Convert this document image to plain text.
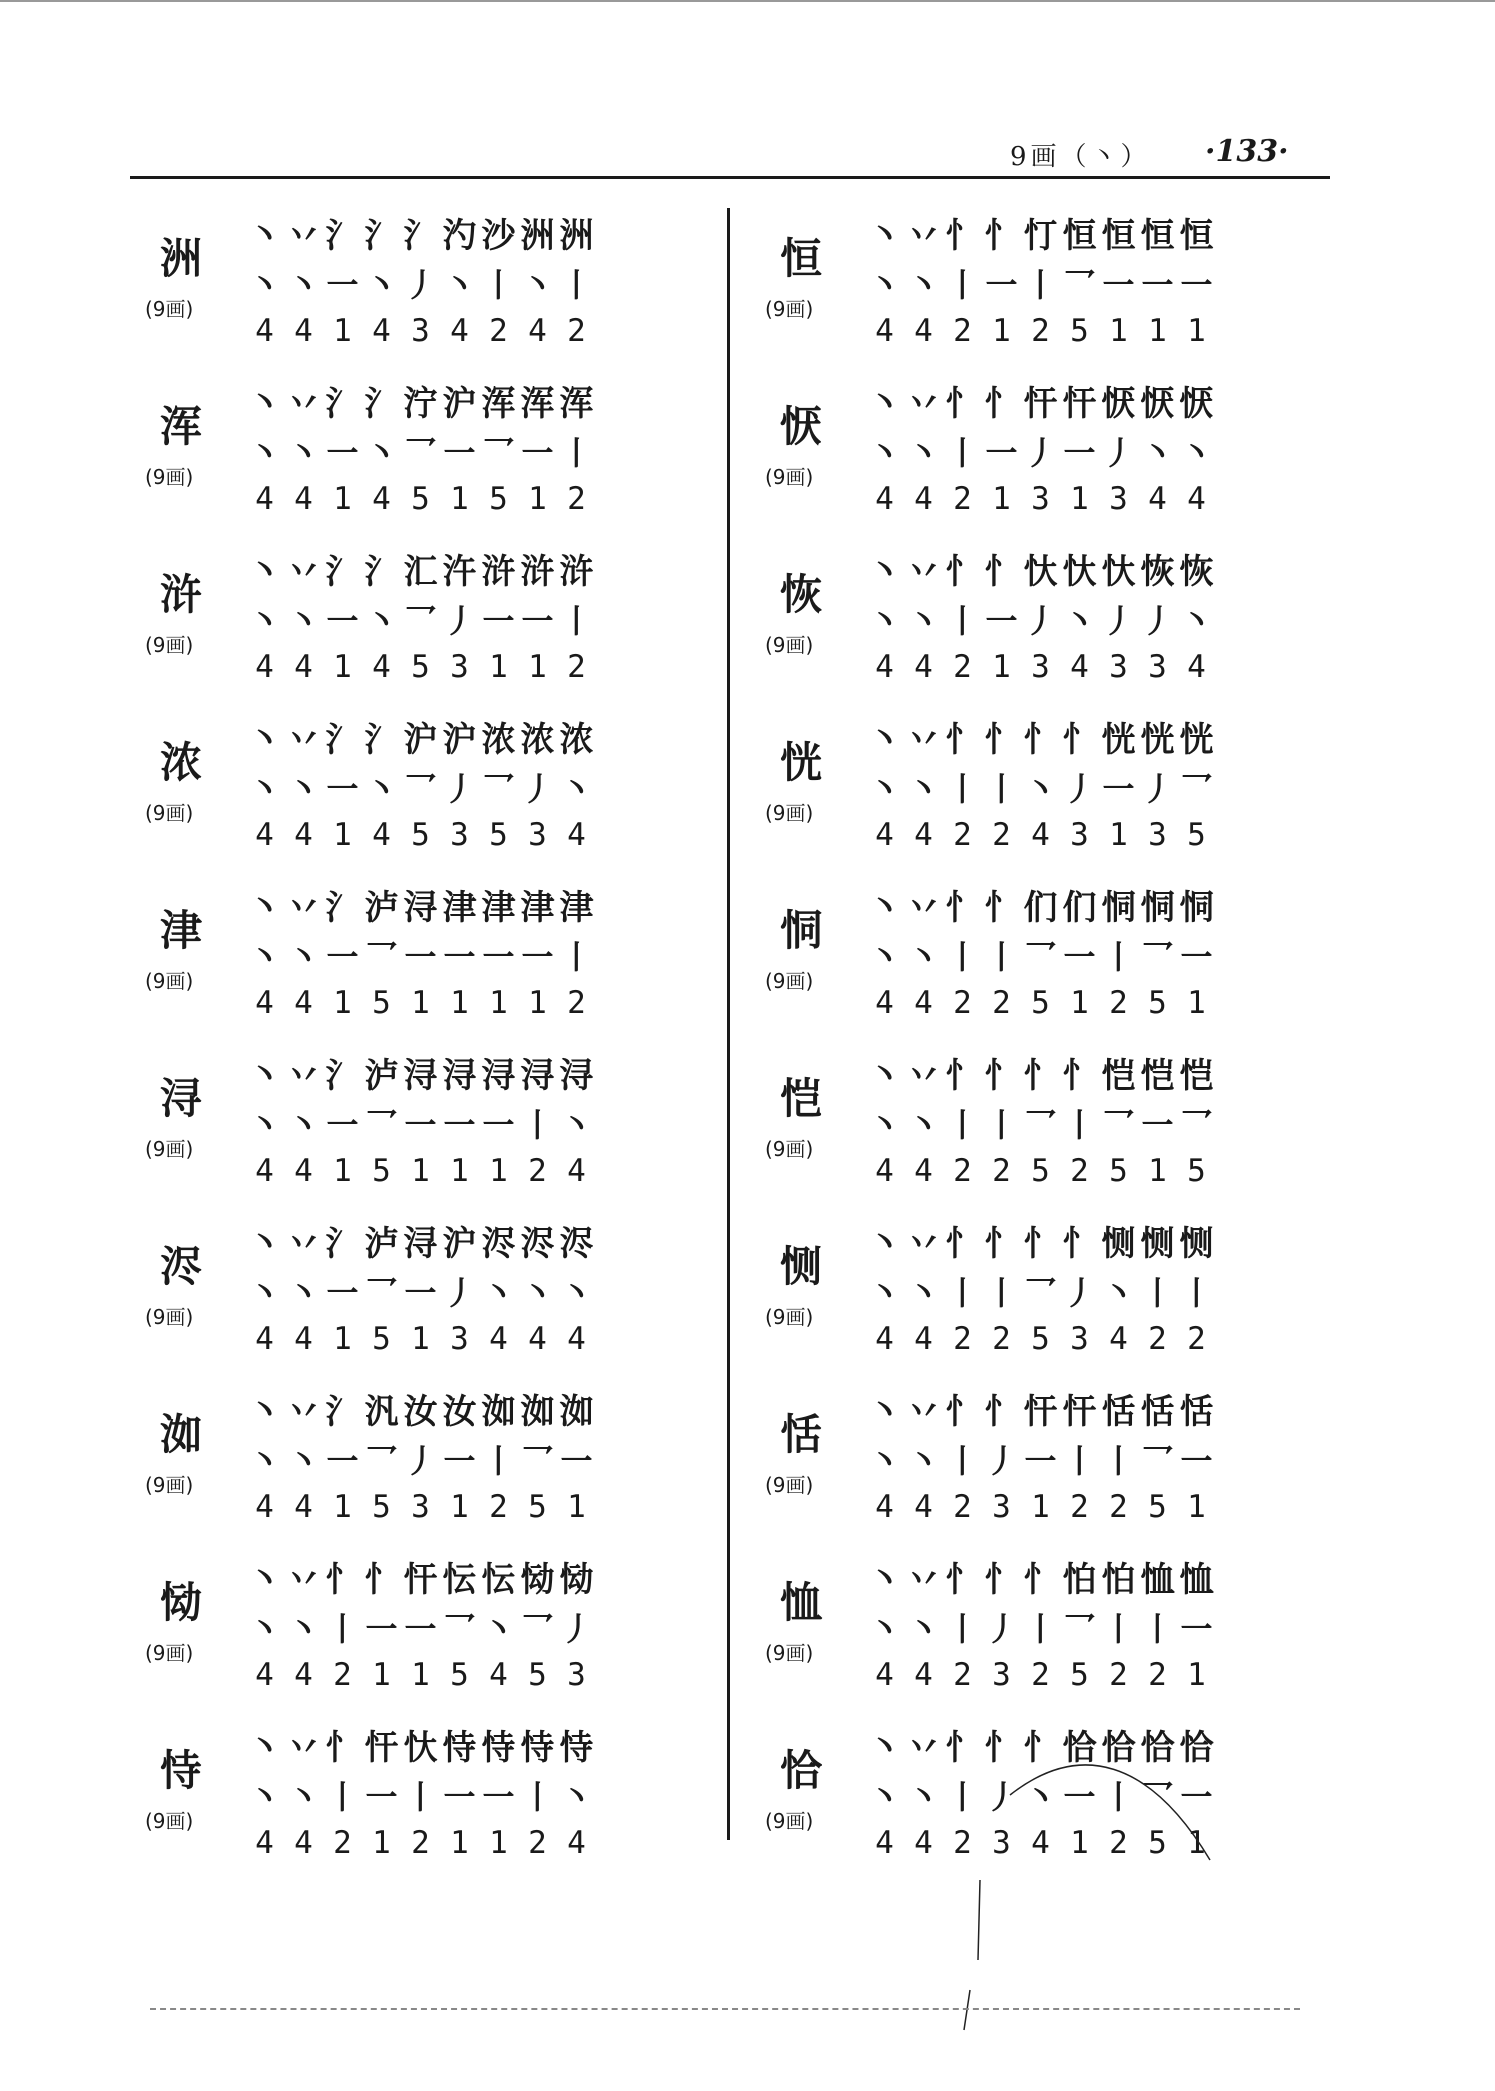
9画（丶） ·133·
洲
(9画)
丶 丷 氵 氵 氵 汋 沙 洲 洲
丶 丶 一 丶 丿 丶 丨 丶 丨
4 4 1 4 3 4 2 4 2
浑
(9画)
丶 丷 氵 氵 泞 沪 浑 浑 浑
丶 丶 一 丶 乛 一 乛 一 丨
4 4 1 4 5 1 5 1 2
浒
(9画)
丶 丷 氵 氵 汇 汻 浒 浒 浒
丶 丶 一 丶 乛 丿 一 一 丨
4 4 1 4 5 3 1 1 2
浓
(9画)
丶 丷 氵 氵 沪 沪 浓 浓 浓
丶 丶 一 丶 乛 丿 乛 丿 丶
4 4 1 4 5 3 5 3 4
津
(9画)
丶 丷 氵 泸 浔 津 津 津 津
丶 丶 一 乛 一 一 一 一 丨
4 4 1 5 1 1 1 1 2
浔
(9画)
丶 丷 氵 泸 浔 浔 浔 浔 浔
丶 丶 一 乛 一 一 一 丨 丶
4 4 1 5 1 1 1 2 4
浕
(9画)
丶 丷 氵 泸 浔 沪 浕 浕 浕
丶 丶 一 乛 一 丿 丶 丶 丶
4 4 1 5 1 3 4 4 4
洳
(9画)
丶 丷 氵 汎 汝 汝 洳 洳 洳
丶 丶 一 乛 丿 一 丨 乛 一
4 4 1 5 3 1 2 5 1
恸
(9画)
丶 丷 忄 忄 忓 忶 忶 恸 恸
丶 丶 丨 一 一 乛 丶 乛 丿
4 4 2 1 1 5 4 5 3
恃
(9画)
丶 丷 忄 忓 忕 恃 恃 恃 恃
丶 丶 丨 一 丨 一 一 丨 丶
4 4 2 1 2 1 1 2 4
恒
(9画)
丶 丷 忄 忄 忊 恒 恒 恒 恒
丶 丶 丨 一 丨 乛 一 一 一
4 4 2 1 2 5 1 1 1
恹
(9画)
丶 丷 忄 忄 忓 忓 恹 恹 恹
丶 丶 丨 一 丿 一 丿 丶 丶
4 4 2 1 3 1 3 4 4
恢
(9画)
丶 丷 忄 忄 忕 忕 忕 恢 恢
丶 丶 丨 一 丿 丶 丿 丿 丶
4 4 2 1 3 4 3 3 4
恍
(9画)
丶 丷 忄 忄 忄 忄 恍 恍 恍
丶 丶 丨 丨 丶 丿 一 丿 乛
4 4 2 2 4 3 1 3 5
恫
(9画)
丶 丷 忄 忄 们 们 恫 恫 恫
丶 丶 丨 丨 乛 一 丨 乛 一
4 4 2 2 5 1 2 5 1
恺
(9画)
丶 丷 忄 忄 忄 忄 恺 恺 恺
丶 丶 丨 丨 乛 丨 乛 一 乛
4 4 2 2 5 2 5 1 5
恻
(9画)
丶 丷 忄 忄 忄 忄 恻 恻 恻
丶 丶 丨 丨 乛 丿 丶 丨 丨
4 4 2 2 5 3 4 2 2
恬
(9画)
丶 丷 忄 忄 忓 忓 恬 恬 恬
丶 丶 丨 丿 一 丨 丨 乛 一
4 4 2 3 1 2 2 5 1
恤
(9画)
丶 丷 忄 忄 忄 怕 怕 恤 恤
丶 丶 丨 丿 丨 乛 丨 丨 一
4 4 2 3 2 5 2 2 1
恰
(9画)
丶 丷 忄 忄 忄 恰 恰 恰 恰
丶 丶 丨 丿 丶 一 丨 乛 一
4 4 2 3 4 1 2 5 1
